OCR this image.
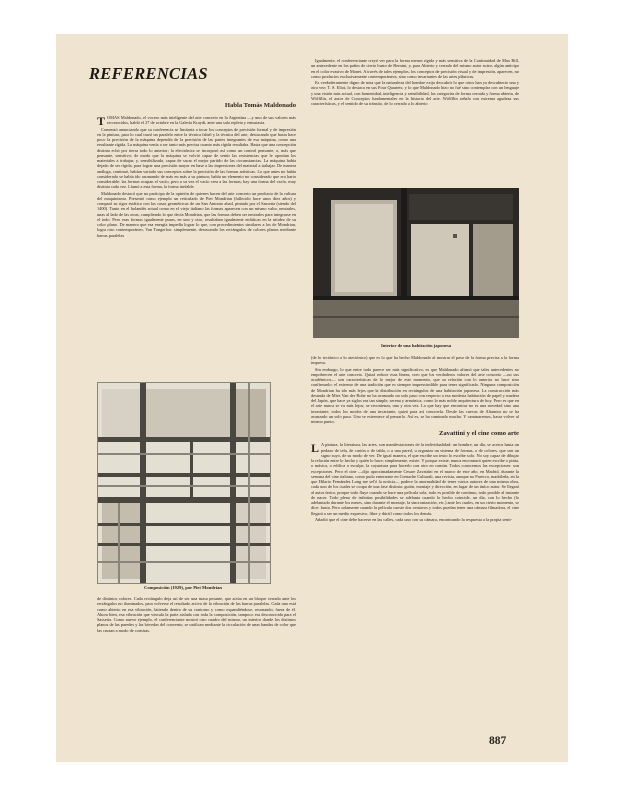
REFERENCIAS
Habla Tomás Maldonado

TOMAS Maldonado, el vocero más inteligente del arte concreto en la Argentina —y uno de sus valores más reconocidos, habló el 27 de octubre en la Galería Kraydt, ante una sala repleta y entusiasta.

Comenzó anunciando que su conferencia se limitaría a tocar los conceptos de precisión formal y de impresión en la pintura, para lo cual trazó un paralelo entre la técnica fabril y la técnica del arte, destacando que hasta hace poco la precisión de la máquina dependía de la precisión de las partes integrantes de esa máquina, como una resultante rígida. La máquina venía a ser tanto más precisa cuanto más rígida resultaba. Hasta que una concepción distinta echó por tierra todo lo anterior; la electrónica se incorporó así como un control pensante, o, más que pensante, sensitivo; de modo que la máquina se volvió capaz de sentir las resistencias que le oponían los materiales a trabajar, y, sensibilizada, capaz de sacar el mejor partido de las circunstancias. La máquina había dejado de ser rígida, para lograr una precisión mayor en base a las impresiones del material a trabajar. De manera análoga, continuó, habían variado sus conceptos sobre la precisión de las formas artísticas. Lo que antes no había considerado se había ido asomando de más en más a su pintura; había un elemento no considerado que era harto considerable: las formas ocupan el vacío, pero a su vez el vacío crea a las formas; hay una forma del vacío, muy distinta cada vez. Llamó a esta forma, la forma inefable.

Maldonado destacó que no participa de la opinión de quienes hacen del arte concreto un producto de la cultura del maquinismo. Presentó como ejemplo un reticulado de Piet Mondrian (fallecido hace unos diez años) y comparó su rigor estático con las casas geométricas de un San Antonio abad, pintado por el Sassetta (siendo del 1400). Tanto en el holandés actual como en el viejo italiano las formas aparecen con un mismo valor, neutrales, unas al lado de las otras, cumpliendo lo que decía Mondrian, que las formas deben ser neutrales para integrarse en el todo. Pero esas formas igualmente puras, en uno y otro, resultaban igualmente enfáticas en la nitidez de su color plano. De manera que esa energía impedía lograr lo que, con procedimientos similares a los de Mondrian, logra otro contemporáneo, Van Tongerloo: simplemente, destacando los rectángulos de colores planos mediante barras paralelas

Composición (1929), por Piet Mondrian

de distintos colores. Cada rectángulo deja así de ser una masa pesante, que actúa en un bloque cerrado ante los rectángulos no iluminados, para volverse el resultado activo de la vibración de las barras paralelas. Cada uno está como abierto en esa vibración, latiendo dentro de su contorno y como expandiéndose, resonando, fuera de él. Ahora bien, esa vibración que vincula la parte aislada con toda la composición, tampoco era desconocida para el Sassetta. Como nuevo ejemplo, el conferenciante mostró otro cuadro del mismo, un interior donde los distintos planos de las paredes y las bóvedas del convento, se unifican mediante la circulación de unas bandas de color que las cruzan a modo de cornisas.

Igualmente, el conferenciante creyó ver para la forma menos rígida y más sensitiva de la Continuidad de Max Bill, un antecedente en los paños de cierto busto de Bernini, y, para Abierto y cerrado del mismo autor suizo, algún anticipo en el color evasivo de Monet. A través de tales ejemplos, los conceptos de precisión visual y de impresión, aparecen, no como productos exclusivamente contemporáneos, sino como invariantes de las artes plásticas.

Es verdaderamente digno de nota que la naturaleza del hombre exija descubrir lo que otros han ya descubierto una y otra vez; T. S. Eliot, lo destaca en sus Four Quartets; y lo que Maldonado hizo no fué sino contemplar con un lenguaje y una visión más actual, con homenidad, inteligencia y sensibilidad, las categorías de forma cerrada y forma abierta, de Wölfflin, el autor de Conceptos fundamentales en la historia del arte. Wölfflin señala con extrema agudeza sus características, y el sentido de su tránsito, de lo cerrado a lo abierto

Interior de una habitación japonesa

(de lo tectónico a lo atectónico) que es lo que ha hecho Maldonado al mostrar el paso de la forma precisa a la forma impresa.

Sin embargo, lo que entre todo parece ser más significativo, es que Maldonado afirmó que tales antecedentes no empobrecen el arte concreto. Quizá reduce esas líneas, creo que los verdaderos valores del arte concreto —no sus académicos— son características de lo mejor de este momento, que su relación con lo anterior no hace sino confirmarlo: el extremo de una tradición que es siempre imprescindible para tener significado. Ninguna composición de Mondrian ha ido más lejos que la distribución en rectángulos de una habitación japonesa. La construcción más desnuda de Mies Van der Rohe no ha avanzado un solo paso con respecto a esa modesta habitación de papel y madera del Japón, que hace ya siglos era tan simple, serena y armónica, como lo más noble arquitectura de hoy. Pero es que en el arte nunca se va más lejos; se reconienza, una y otra vez. Lo que hay que encontrar no es una novedad sino una invariante, todos los modos de una invariante, quizá para así conocerla. Desde las cuevas de Altamira no se ha avanzado un solo paso. Uno se estremece al pensarlo. Así es, se ha caminado mucho. Y caminaremos, hasta volver al mismo punto.

Zavattini y el cine como arte

L A pintura, la literatura, las artes, son manifestaciones de la individualidad: un hombre, un día, se acerca hasta un pedazo de tela, de cartón o de tabla, o a una pared, u organiza un sistema de formas, o de colores, que son un signo suyo, de su modo de ver. De igual manera, el que escribe un texto lo escribe solo. No soy capaz de dibujar la relación entre lo hecho y quién lo hace; simplemente, existe. Y porque existe, nunca encontrará quien escribe o pinta, o música, o edifica o esculpe, la coyuntura para hacerlo con otro en común. Todos conocemos las excepciones: son excepciones. Pero el cine —dijo aproximadamente Cesare Zavattini en el marco de este año, en Madrid, durante la semana del cine italiano, como pudo enterarme en Crenache Culturali, una revista, aunque no Parecca, madrileña, en la que Hilario Fernández Long me sel'ó la noticia— padece la anormalidad de tener varios autores de una misma obra, cada uno de los cuales se ocupa de una fase distinta: guión, montaje y dirección, en lugar de un único autor. Se llegará al autor único, porque todo fluye cuando se hace una película sola, todo es posible de continuo, todo posible al instante de nacer. Todo pleno de infinitas posibilidades se adelanta cuando lo hecho coincide, un día, con lo hecho (lo adelantado durante los meses, sino durante el montaje, la sincronización, etc.) ante los cuales, en un cierto momento, se dice: basta. Pero solamente cuando la película cueste dos centavos y todos puedan tener una cámara filmadora, el cine llegará a ser un medio expresivo, libre y dúctil como todos los demás.

Añadió que el cine debe hacerse en las calles, cada uno con su cámara, encontrando la respuesta a la propia senti-

887
